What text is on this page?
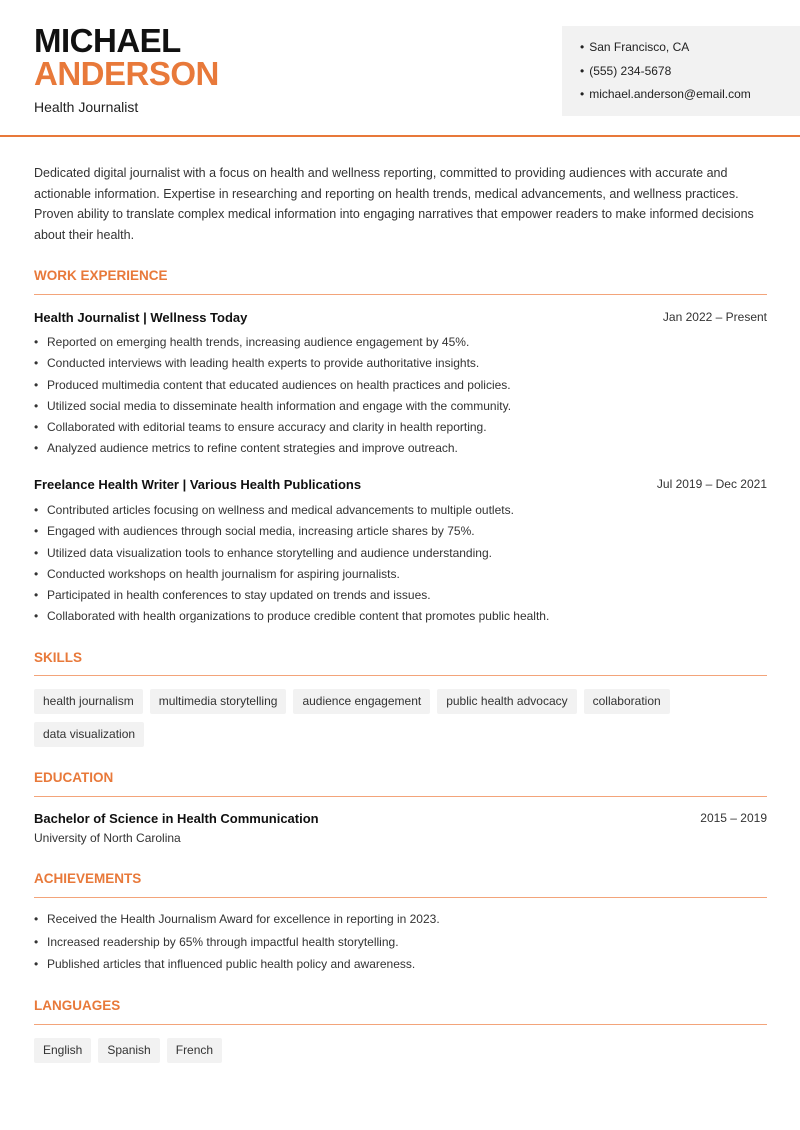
MICHAEL
ANDERSON
Health Journalist
• San Francisco, CA
• (555) 234-5678
• michael.anderson@email.com
Dedicated digital journalist with a focus on health and wellness reporting, committed to providing audiences with accurate and actionable information. Expertise in researching and reporting on health trends, medical advancements, and wellness practices. Proven ability to translate complex medical information into engaging narratives that empower readers to make informed decisions about their health.
WORK EXPERIENCE
Health Journalist | Wellness Today	Jan 2022 – Present
• Reported on emerging health trends, increasing audience engagement by 45%.
• Conducted interviews with leading health experts to provide authoritative insights.
• Produced multimedia content that educated audiences on health practices and policies.
• Utilized social media to disseminate health information and engage with the community.
• Collaborated with editorial teams to ensure accuracy and clarity in health reporting.
• Analyzed audience metrics to refine content strategies and improve outreach.
Freelance Health Writer | Various Health Publications	Jul 2019 – Dec 2021
• Contributed articles focusing on wellness and medical advancements to multiple outlets.
• Engaged with audiences through social media, increasing article shares by 75%.
• Utilized data visualization tools to enhance storytelling and audience understanding.
• Conducted workshops on health journalism for aspiring journalists.
• Participated in health conferences to stay updated on trends and issues.
• Collaborated with health organizations to produce credible content that promotes public health.
SKILLS
health journalism	multimedia storytelling	audience engagement	public health advocacy	collaboration
data visualization
EDUCATION
Bachelor of Science in Health Communication	2015 – 2019
University of North Carolina
ACHIEVEMENTS
• Received the Health Journalism Award for excellence in reporting in 2023.
• Increased readership by 65% through impactful health storytelling.
• Published articles that influenced public health policy and awareness.
LANGUAGES
English	Spanish	French
